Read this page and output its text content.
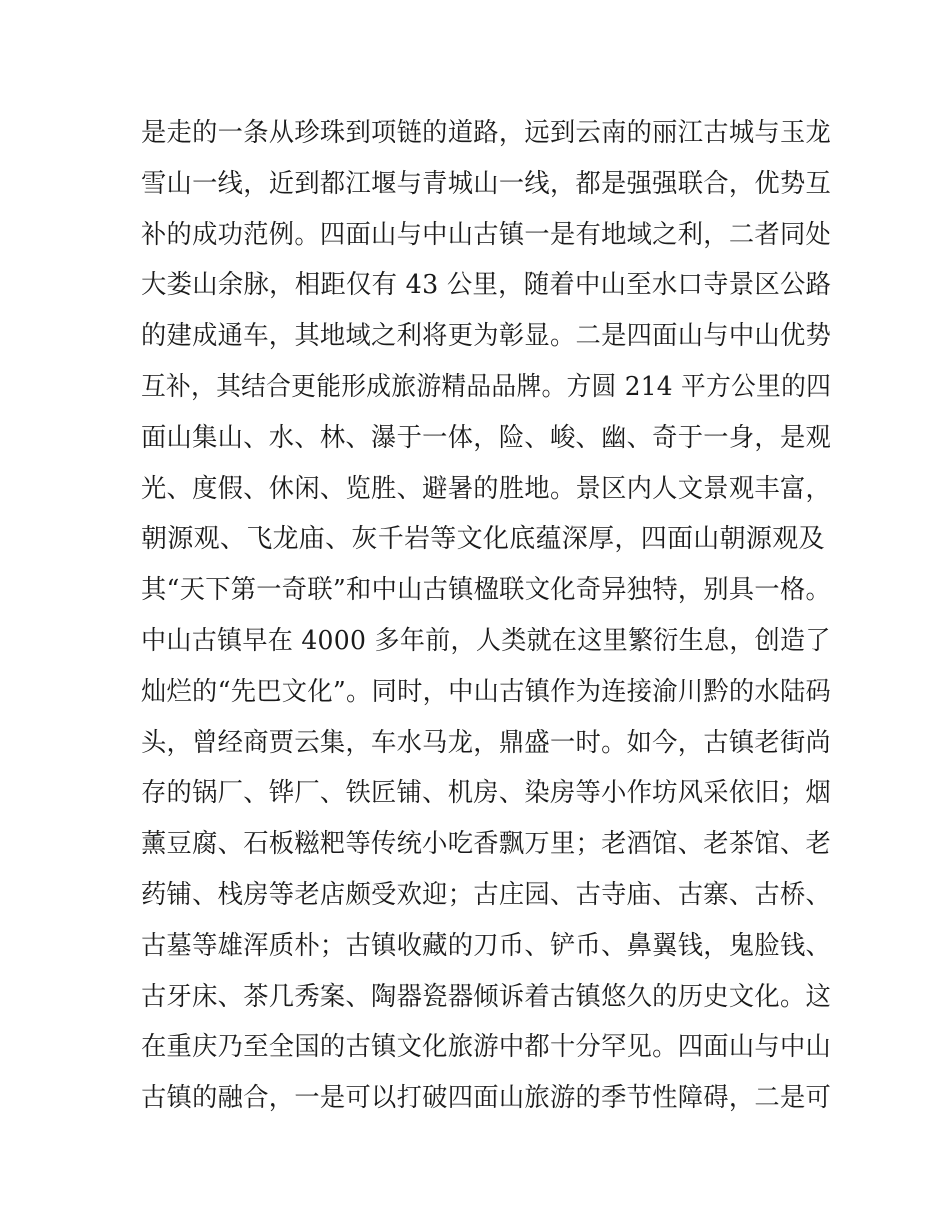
是走的一条从珍珠到项链的道路，远到云南的丽江古城与玉龙
雪山一线，近到都江堰与青城山一线，都是强强联合，优势互
补的成功范例。四面山与中山古镇一是有地域之利，二者同处
大娄山余脉，相距仅有 43 公里，随着中山至水口寺景区公路
的建成通车，其地域之利将更为彰显。二是四面山与中山优势
互补，其结合更能形成旅游精品品牌。方圆 214 平方公里的四
面山集山、水、林、瀑于一体，险、峻、幽、奇于一身，是观
光、度假、休闲、览胜、避暑的胜地。景区内人文景观丰富，
朝源观、飞龙庙、灰千岩等文化底蕴深厚，四面山朝源观及
其“天下第一奇联”和中山古镇楹联文化奇异独特，别具一格。
中山古镇早在 4000 多年前，人类就在这里繁衍生息，创造了
灿烂的“先巴文化”。同时，中山古镇作为连接渝川黔的水陆码
头，曾经商贾云集，车水马龙，鼎盛一时。如今，古镇老街尚
存的锅厂、铧厂、铁匠铺、机房、染房等小作坊风采依旧；烟
薰豆腐、石板糍粑等传统小吃香飘万里；老酒馆、老茶馆、老
药铺、栈房等老店颇受欢迎；古庄园、古寺庙、古寨、古桥、
古墓等雄浑质朴；古镇收藏的刀币、铲币、鼻翼钱，鬼脸钱、
古牙床、茶几秀案、陶器瓷器倾诉着古镇悠久的历史文化。这
在重庆乃至全国的古镇文化旅游中都十分罕见。四面山与中山
古镇的融合，一是可以打破四面山旅游的季节性障碍，二是可
